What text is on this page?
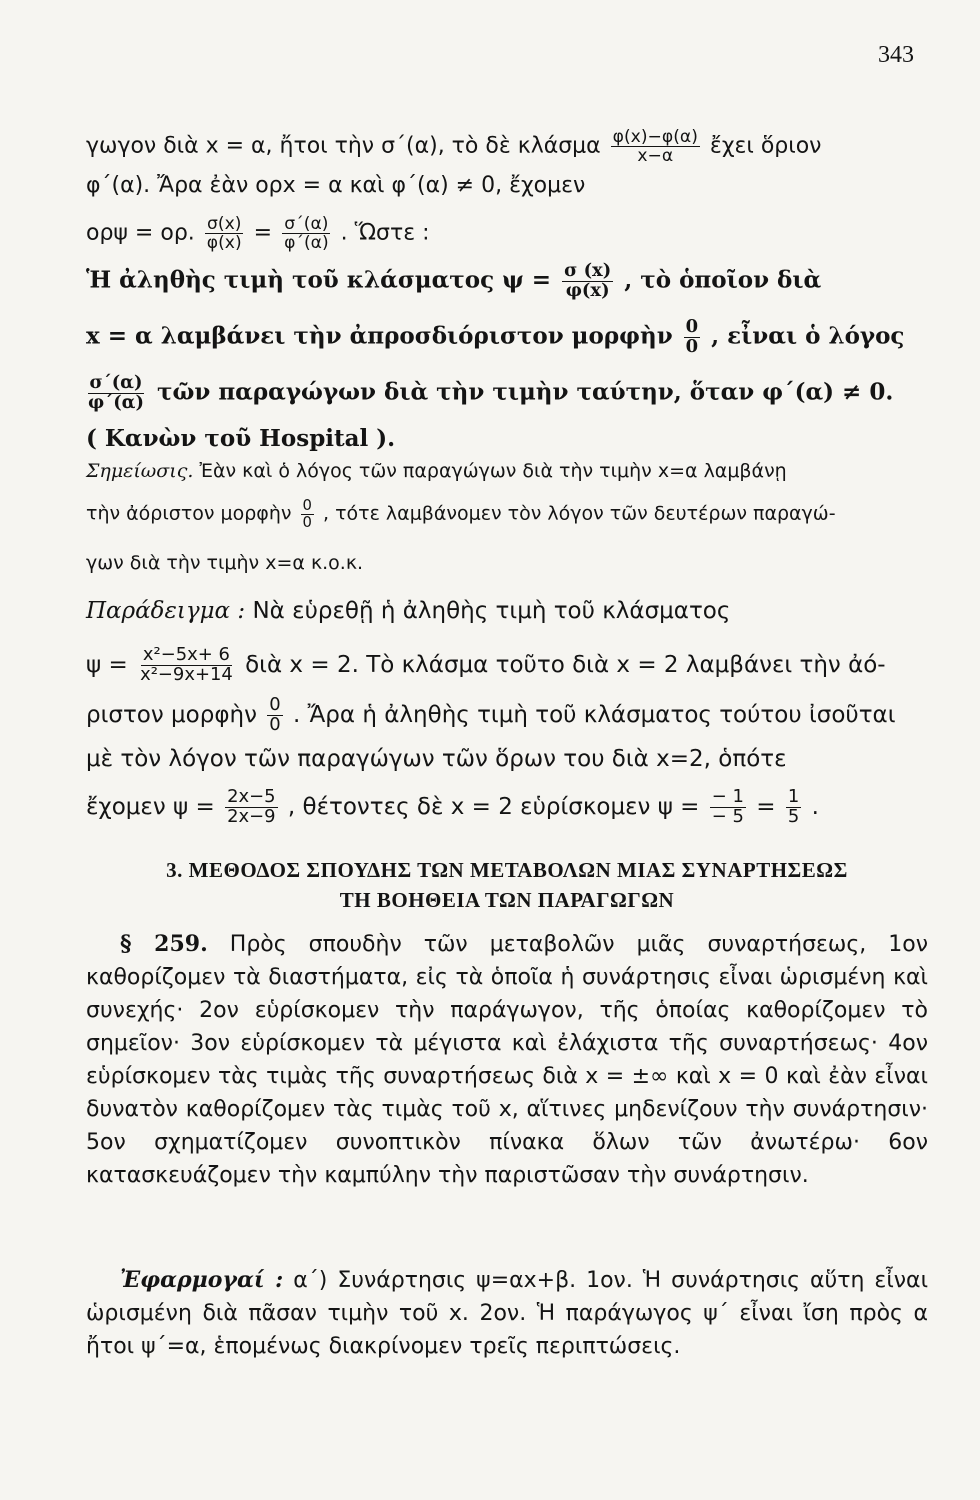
343
γωγον διὰ x = α, ἤτοι τὴν σ΄(α), τὸ δὲ κλάσμα $\frac{\varphi(x)-\varphi(\alpha)}{x-\alpha}$ ἔχει ὅριον
φ΄(α). Ἄρα ἐὰν ορx = α καὶ φ΄(α) ≠ 0, ἔχομεν
ορψ = ορ. $\frac{\sigma(x)}{\varphi(x)} = \frac{\sigma΄(\alpha)}{\varphi΄(\alpha)}$ . Ὥστε :
Ἡ ἀληθὴς τιμὴ τοῦ κλάσματος $\psi = \frac{\sigma (x)}{\varphi(x)}$ , τὸ ὁποῖον διὰ
x = α λαμβάνει τὴν ἀπροσδιόριστον μορφὴν $\frac{0}{0}$ , εἶναι ὁ λόγος
$\frac{\sigma΄(\alpha)}{\varphi΄(\alpha)}$ τῶν παραγώγων διὰ τὴν τιμὴν ταύτην, ὅταν φ΄(α) ≠ 0.
( Κανὼν τοῦ Hospital ).
Σημείωσις. Ἐὰν καὶ ὁ λόγος τῶν παραγώγων διὰ τὴν τιμὴν x=α λαμβάνῃ
τὴν ἀόριστον μορφὴν $\frac{0}{0}$ , τότε λαμβάνομεν τὸν λόγον τῶν δευτέρων παραγώ-
γων διὰ τὴν τιμὴν x=α κ.ο.κ.
Παράδειγμα : Νὰ εὑρεθῇ ἡ ἀληθὴς τιμὴ τοῦ κλάσματος
$\psi = \frac{\text{x²−5x+ 6}}{\text{x²−9x+14}}$ διὰ x = 2. Τὸ κλάσμα τοῦτο διὰ x = 2 λαμβάνει τὴν ἀό-
ριστον μορφὴν $\frac{0}{0}$ . Ἄρα ἡ ἀληθὴς τιμὴ τοῦ κλάσματος τούτου ἰσοῦται
μὲ τὸν λόγον τῶν παραγώγων τῶν ὅρων του διὰ x=2, ὁπότε
ἔχομεν $\psi = \frac{2x-5}{2x-9}$ , θέτοντες δὲ x = 2 εὑρίσκομεν $\psi = \frac{- 1}{- 5} = \frac{1}{5}$ .
3. ΜΕΘΟΔΟΣ ΣΠΟΥΔΗΣ ΤΩΝ ΜΕΤΑΒΟΛΩΝ ΜΙΑΣ ΣΥΝΑΡΤΗΣΕΩΣ
ΤΗ ΒΟΗΘΕΙΑ ΤΩΝ ΠΑΡΑΓΩΓΩΝ
§ 259. Πρὸς σπουδὴν τῶν μεταβολῶν μιᾶς συναρτήσεως, 1ον καθορίζομεν τὰ διαστήματα, εἰς τὰ ὁποῖα ἡ συνάρτησις εἶναι ὡρισμένη καὶ συνεχής· 2ον εὑρίσκομεν τὴν παράγωγον, τῆς ὁποίας καθορίζομεν τὸ σημεῖον· 3ον εὑρίσκομεν τὰ μέγιστα καὶ ἐλάχιστα τῆς συναρτήσεως· 4ον εὑρίσκομεν τὰς τιμὰς τῆς συναρτήσεως διὰ x = ±∞ καὶ x = 0 καὶ ἐὰν εἶναι δυνατὸν καθορίζομεν τὰς τιμὰς τοῦ x, αἵτινες μηδενίζουν τὴν συνάρτησιν· 5ον σχηματίζομεν συνοπτικὸν πίνακα ὅλων τῶν ἀνωτέρω· 6ον κατασκευάζομεν τὴν καμπύλην τὴν παριστῶσαν τὴν συνάρτησιν.
Ἐφαρμογαί : α΄) Συνάρτησις ψ=αx+β. 1ον. Ἡ συνάρτησις αὕτη εἶναι ὡρισμένη διὰ πᾶσαν τιμὴν τοῦ x. 2ον. Ἡ παράγωγος ψ΄ εἶναι ἴση πρὸς α ἤτοι ψ΄=α, ἑπομένως διακρίνομεν τρεῖς περιπτώσεις.
